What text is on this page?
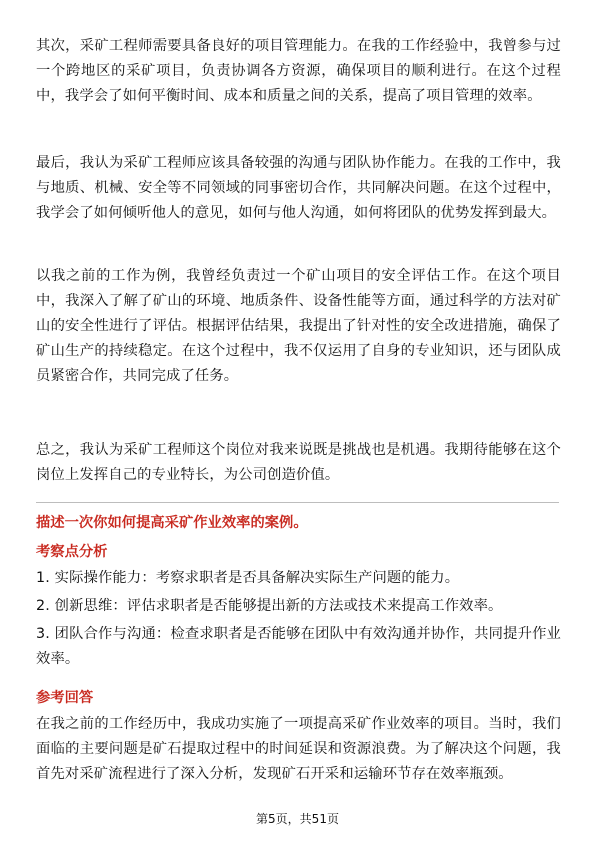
其次，采矿工程师需要具备良好的项目管理能力。在我的工作经验中，我曾参与过一个跨地区的采矿项目，负责协调各方资源，确保项目的顺利进行。在这个过程中，我学会了如何平衡时间、成本和质量之间的关系，提高了项目管理的效率。

最后，我认为采矿工程师应该具备较强的沟通与团队协作能力。在我的工作中，我与地质、机械、安全等不同领域的同事密切合作，共同解决问题。在这个过程中，我学会了如何倾听他人的意见，如何与他人沟通，如何将团队的优势发挥到最大。

以我之前的工作为例，我曾经负责过一个矿山项目的安全评估工作。在这个项目中，我深入了解了矿山的环境、地质条件、设备性能等方面，通过科学的方法对矿山的安全性进行了评估。根据评估结果，我提出了针对性的安全改进措施，确保了矿山生产的持续稳定。在这个过程中，我不仅运用了自身的专业知识，还与团队成员紧密合作，共同完成了任务。

总之，我认为采矿工程师这个岗位对我来说既是挑战也是机遇。我期待能够在这个岗位上发挥自己的专业特长，为公司创造价值。

描述一次你如何提高采矿作业效率的案例。

考察点分析

1. 实际操作能力：考察求职者是否具备解决实际生产问题的能力。

2. 创新思维：评估求职者是否能够提出新的方法或技术来提高工作效率。

3. 团队合作与沟通：检查求职者是否能够在团队中有效沟通并协作，共同提升作业效率。

参考回答

在我之前的工作经历中，我成功实施了一项提高采矿作业效率的项目。当时，我们面临的主要问题是矿石提取过程中的时间延误和资源浪费。为了解决这个问题，我首先对采矿流程进行了深入分析，发现矿石开采和运输环节存在效率瓶颈。

第5页，共51页
